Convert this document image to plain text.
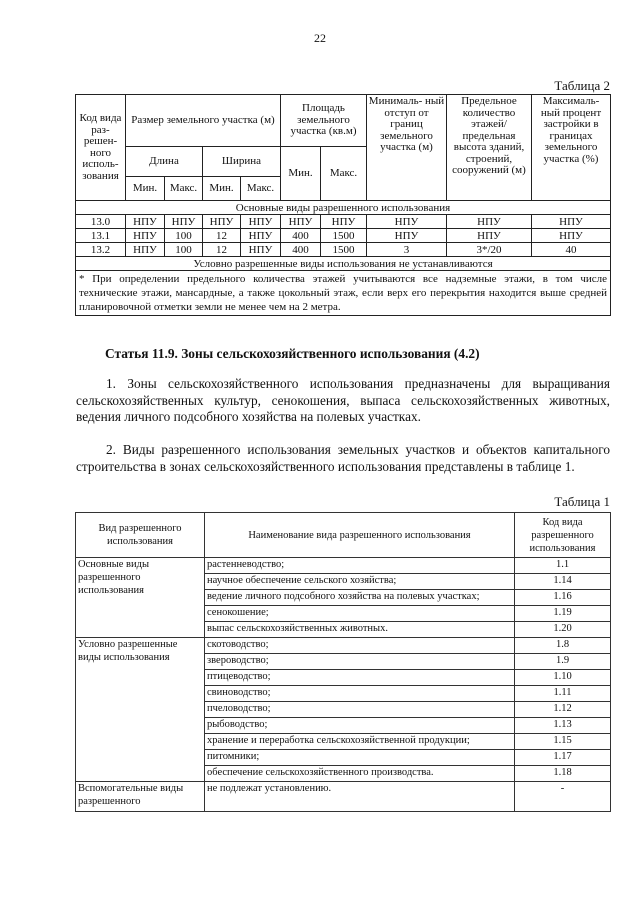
22
Таблица 2
Код вида раз- решен- ного исполь- зования	Размер земельного участка (м)				Площадь земельного участка (кв.м)		Минималь- ный отступ от границ земельного участка (м)	Предельное количество этажей/ предельная высота зданий, строений, сооружений (м)	Максималь- ный процент застройки в границах земельного участка (%)
	Длина		Ширина		Мин.	Макс.			
	Мин.	Макс.	Мин.	Макс.					
Основные виды разрешенного использования									
13.0	НПУ	НПУ	НПУ	НПУ	НПУ	НПУ	НПУ	НПУ	НПУ
13.1	НПУ	100	12	НПУ	400	1500	НПУ	НПУ	НПУ
13.2	НПУ	100	12	НПУ	400	1500	3	3*/20	40
Условно разрешенные виды использования не устанавливаются									
* При определении предельного количества этажей учитываются все надземные этажи, в том числе технические этажи, мансардные, а также цокольный этаж, если верх его перекрытия находится выше средней планировочной отметки земли не менее чем на 2 метра.									
Статья 11.9. Зоны сельскохозяйственного использования (4.2)
1. Зоны сельскохозяйственного использования предназначены для выращивания сельскохозяйственных культур, сенокошения, выпаса сельскохозяйственных животных, ведения личного подсобного хозяйства на полевых участках.
2. Виды разрешенного использования земельных участков и объектов капитального строительства в зонах сельскохозяйственного использования представлены в таблице 1.
Таблица 1
Вид разрешенного использования	Наименование вида разрешенного использования	Код вида разрешенного использования
Основные виды разрешенного использования	растенневодство;	1.1
	научное обеспечение сельского хозяйства;	1.14
	ведение личного подсобного хозяйства на полевых участках;	1.16
	сенокошение;	1.19
	выпас сельскохозяйственных животных.	1.20
Условно разрешенные виды использования	скотоводство;	1.8
	звероводство;	1.9
	птицеводство;	1.10
	свиноводство;	1.11
	пчеловодство;	1.12
	рыбоводство;	1.13
	хранение и переработка сельскохозяйственной продукции;	1.15
	питомники;	1.17
	обеспечение сельскохозяйственного производства.	1.18
Вспомогательные виды разрешенного	не подлежат установлению.	-
